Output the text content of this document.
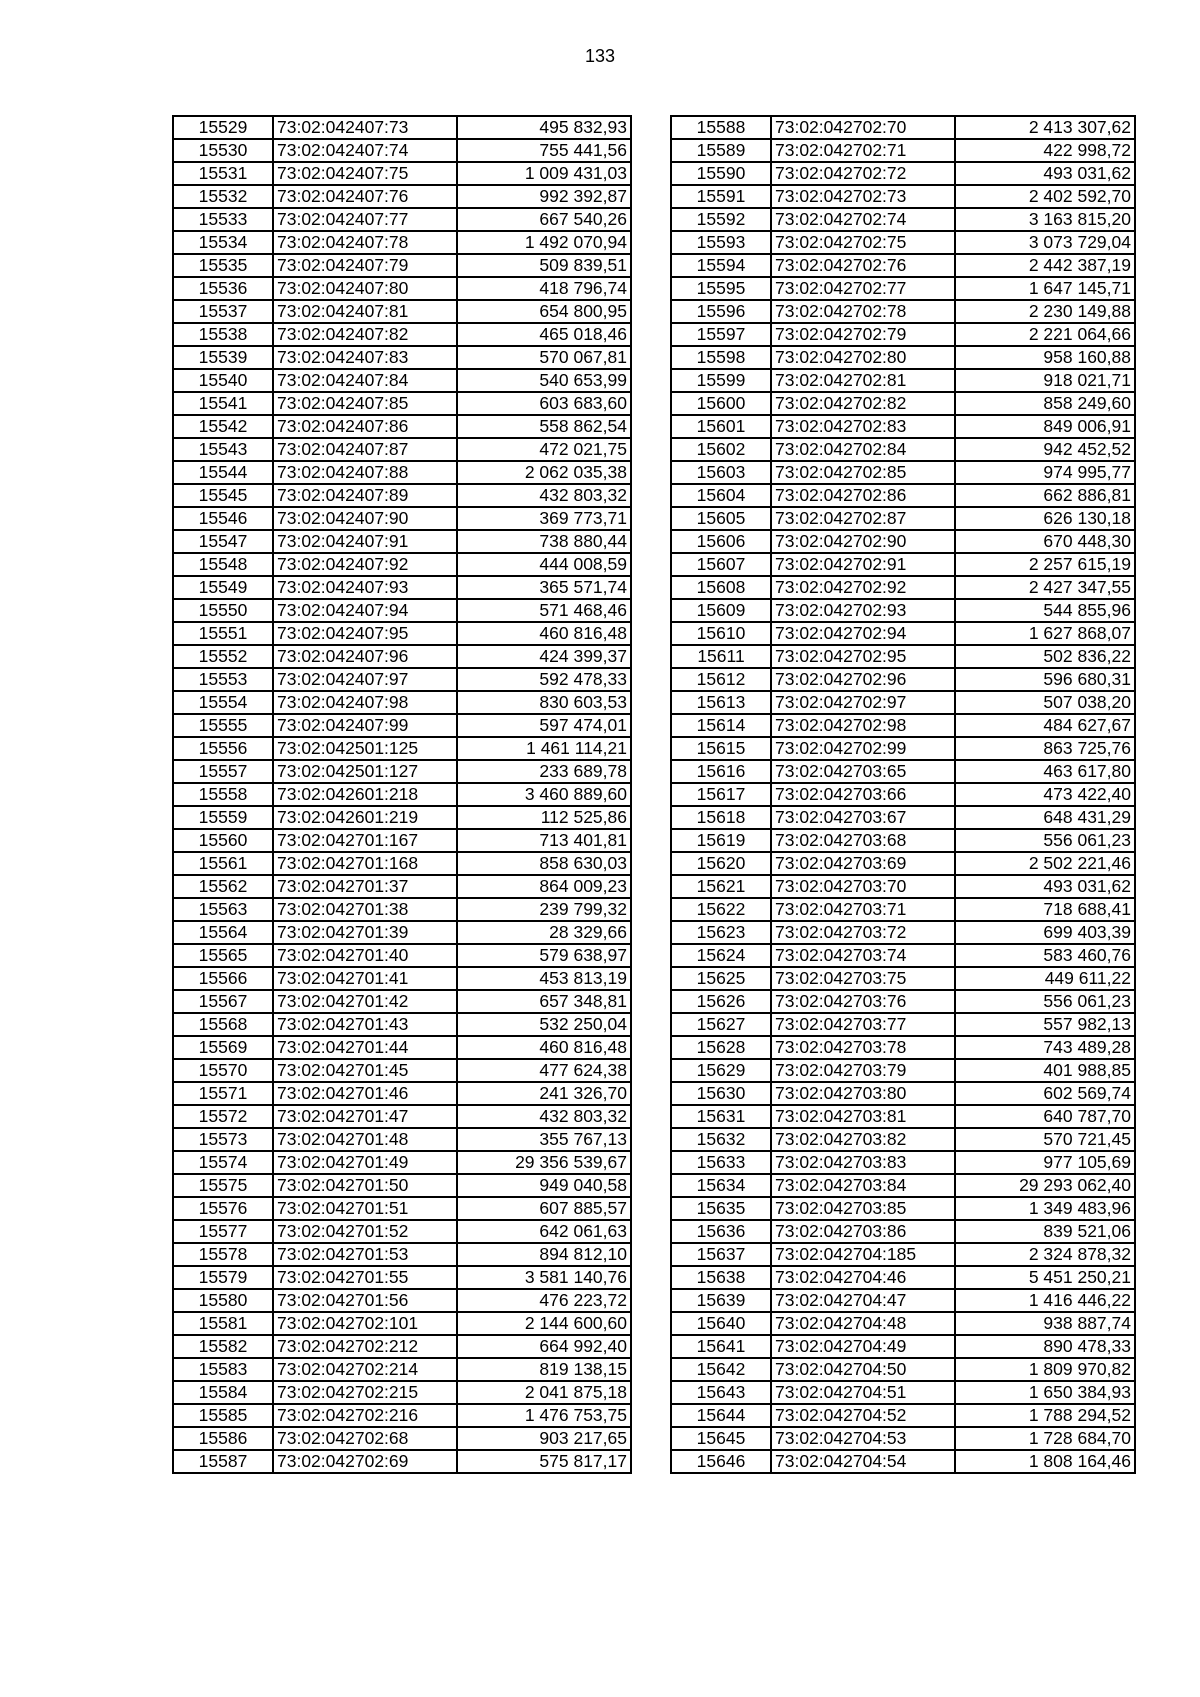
133
15529	73:02:042407:73	495 832,93
15530	73:02:042407:74	755 441,56
15531	73:02:042407:75	1 009 431,03
15532	73:02:042407:76	992 392,87
15533	73:02:042407:77	667 540,26
15534	73:02:042407:78	1 492 070,94
15535	73:02:042407:79	509 839,51
15536	73:02:042407:80	418 796,74
15537	73:02:042407:81	654 800,95
15538	73:02:042407:82	465 018,46
15539	73:02:042407:83	570 067,81
15540	73:02:042407:84	540 653,99
15541	73:02:042407:85	603 683,60
15542	73:02:042407:86	558 862,54
15543	73:02:042407:87	472 021,75
15544	73:02:042407:88	2 062 035,38
15545	73:02:042407:89	432 803,32
15546	73:02:042407:90	369 773,71
15547	73:02:042407:91	738 880,44
15548	73:02:042407:92	444 008,59
15549	73:02:042407:93	365 571,74
15550	73:02:042407:94	571 468,46
15551	73:02:042407:95	460 816,48
15552	73:02:042407:96	424 399,37
15553	73:02:042407:97	592 478,33
15554	73:02:042407:98	830 603,53
15555	73:02:042407:99	597 474,01
15556	73:02:042501:125	1 461 114,21
15557	73:02:042501:127	233 689,78
15558	73:02:042601:218	3 460 889,60
15559	73:02:042601:219	112 525,86
15560	73:02:042701:167	713 401,81
15561	73:02:042701:168	858 630,03
15562	73:02:042701:37	864 009,23
15563	73:02:042701:38	239 799,32
15564	73:02:042701:39	28 329,66
15565	73:02:042701:40	579 638,97
15566	73:02:042701:41	453 813,19
15567	73:02:042701:42	657 348,81
15568	73:02:042701:43	532 250,04
15569	73:02:042701:44	460 816,48
15570	73:02:042701:45	477 624,38
15571	73:02:042701:46	241 326,70
15572	73:02:042701:47	432 803,32
15573	73:02:042701:48	355 767,13
15574	73:02:042701:49	29 356 539,67
15575	73:02:042701:50	949 040,58
15576	73:02:042701:51	607 885,57
15577	73:02:042701:52	642 061,63
15578	73:02:042701:53	894 812,10
15579	73:02:042701:55	3 581 140,76
15580	73:02:042701:56	476 223,72
15581	73:02:042702:101	2 144 600,60
15582	73:02:042702:212	664 992,40
15583	73:02:042702:214	819 138,15
15584	73:02:042702:215	2 041 875,18
15585	73:02:042702:216	1 476 753,75
15586	73:02:042702:68	903 217,65
15587	73:02:042702:69	575 817,17
15588	73:02:042702:70	2 413 307,62
15589	73:02:042702:71	422 998,72
15590	73:02:042702:72	493 031,62
15591	73:02:042702:73	2 402 592,70
15592	73:02:042702:74	3 163 815,20
15593	73:02:042702:75	3 073 729,04
15594	73:02:042702:76	2 442 387,19
15595	73:02:042702:77	1 647 145,71
15596	73:02:042702:78	2 230 149,88
15597	73:02:042702:79	2 221 064,66
15598	73:02:042702:80	958 160,88
15599	73:02:042702:81	918 021,71
15600	73:02:042702:82	858 249,60
15601	73:02:042702:83	849 006,91
15602	73:02:042702:84	942 452,52
15603	73:02:042702:85	974 995,77
15604	73:02:042702:86	662 886,81
15605	73:02:042702:87	626 130,18
15606	73:02:042702:90	670 448,30
15607	73:02:042702:91	2 257 615,19
15608	73:02:042702:92	2 427 347,55
15609	73:02:042702:93	544 855,96
15610	73:02:042702:94	1 627 868,07
15611	73:02:042702:95	502 836,22
15612	73:02:042702:96	596 680,31
15613	73:02:042702:97	507 038,20
15614	73:02:042702:98	484 627,67
15615	73:02:042702:99	863 725,76
15616	73:02:042703:65	463 617,80
15617	73:02:042703:66	473 422,40
15618	73:02:042703:67	648 431,29
15619	73:02:042703:68	556 061,23
15620	73:02:042703:69	2 502 221,46
15621	73:02:042703:70	493 031,62
15622	73:02:042703:71	718 688,41
15623	73:02:042703:72	699 403,39
15624	73:02:042703:74	583 460,76
15625	73:02:042703:75	449 611,22
15626	73:02:042703:76	556 061,23
15627	73:02:042703:77	557 982,13
15628	73:02:042703:78	743 489,28
15629	73:02:042703:79	401 988,85
15630	73:02:042703:80	602 569,74
15631	73:02:042703:81	640 787,70
15632	73:02:042703:82	570 721,45
15633	73:02:042703:83	977 105,69
15634	73:02:042703:84	29 293 062,40
15635	73:02:042703:85	1 349 483,96
15636	73:02:042703:86	839 521,06
15637	73:02:042704:185	2 324 878,32
15638	73:02:042704:46	5 451 250,21
15639	73:02:042704:47	1 416 446,22
15640	73:02:042704:48	938 887,74
15641	73:02:042704:49	890 478,33
15642	73:02:042704:50	1 809 970,82
15643	73:02:042704:51	1 650 384,93
15644	73:02:042704:52	1 788 294,52
15645	73:02:042704:53	1 728 684,70
15646	73:02:042704:54	1 808 164,46
